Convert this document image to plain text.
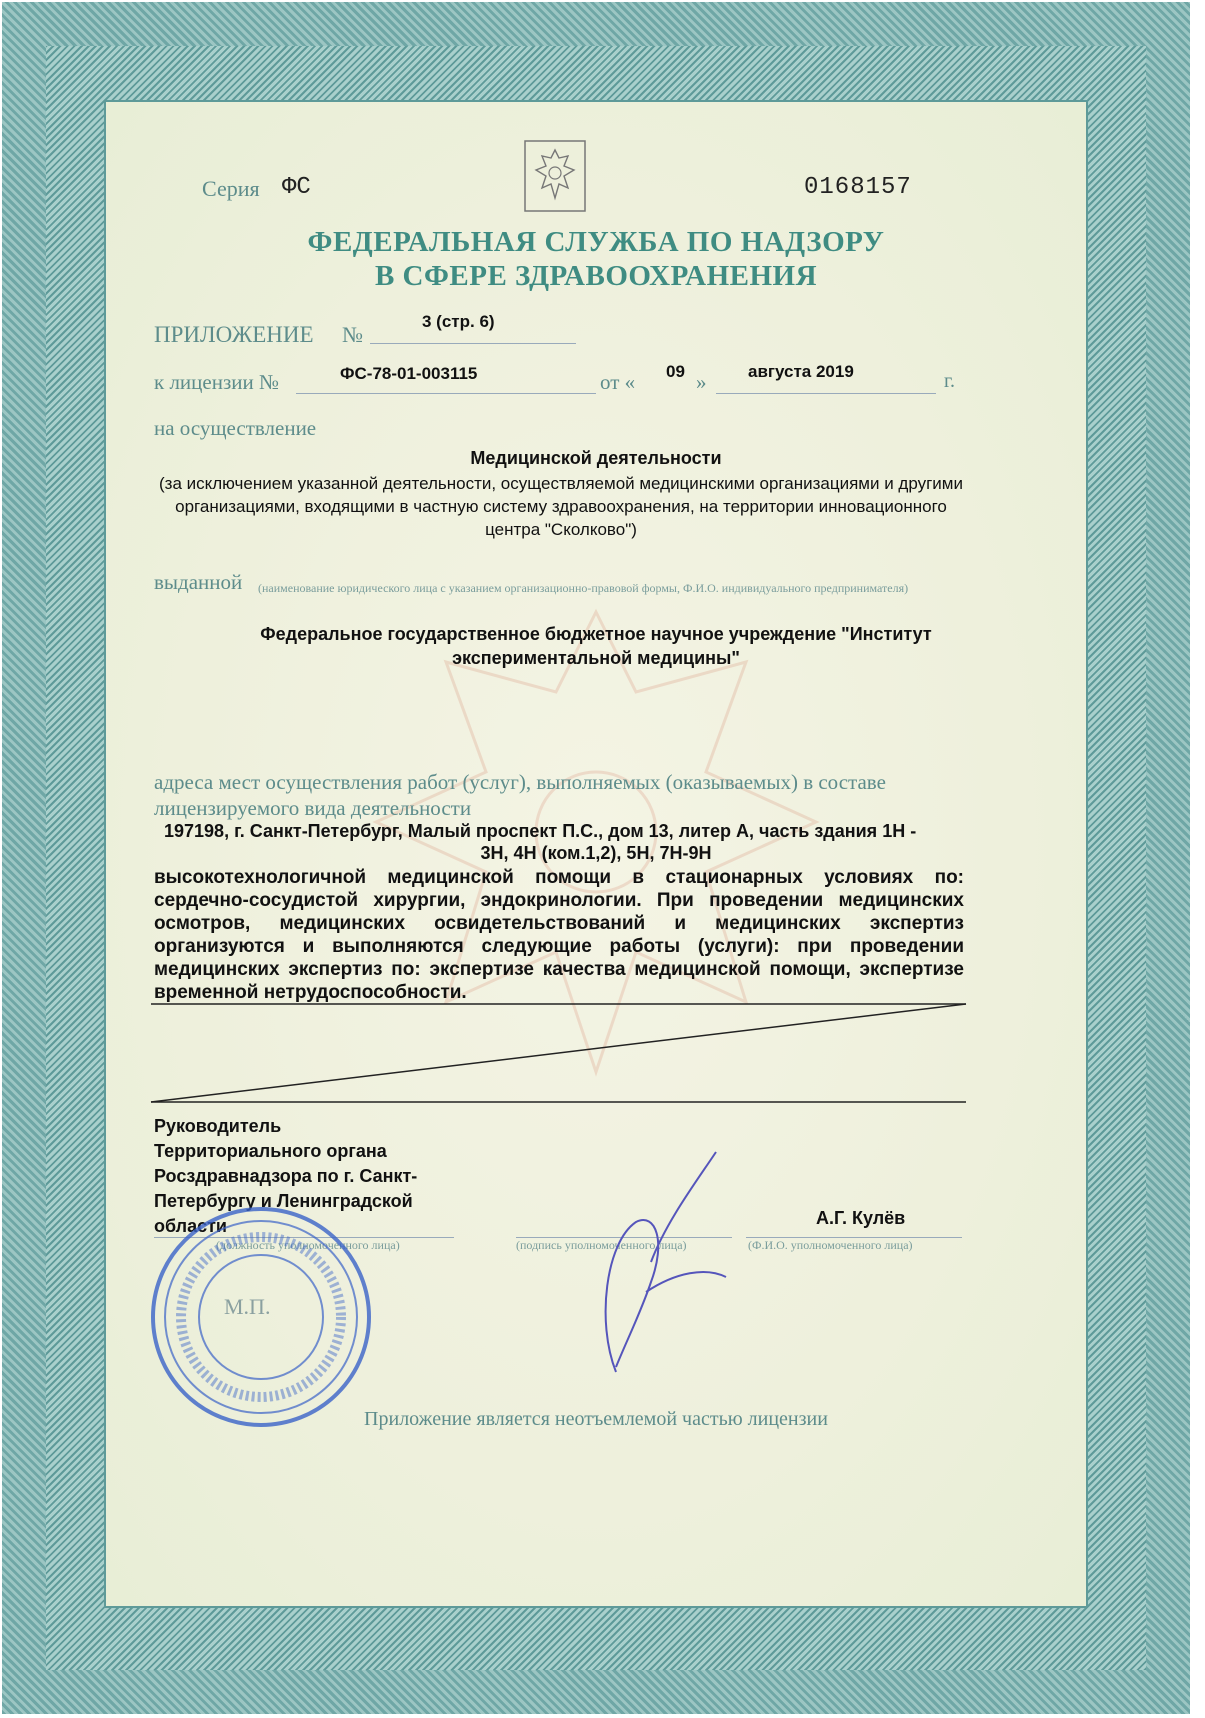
Серия ФС	0168157
ФЕДЕРАЛЬНАЯ СЛУЖБА ПО НАДЗОРУ
В СФЕРЕ ЗДРАВООХРАНЕНИЯ
ПРИЛОЖЕНИЕ №
3 (стр. 6)
к лицензии №	ФС-78-01-003115	от « 09 » августа 2019	г.
на осуществление
Медицинской деятельности
(за исключением указанной деятельности, осуществляемой медицинскими организациями и другими организациями, входящими в частную систему здравоохранения, на территории инновационного центра "Сколково")
выданной	(наименование юридического лица с указанием организационно-правовой формы, Ф.И.О. индивидуального предпринимателя)
Федеральное государственное бюджетное научное учреждение "Институт
экспериментальной медицины"
адреса мест осуществления работ (услуг), выполняемых (оказываемых) в составе
лицензируемого вида деятельности
197198, г. Санкт-Петербург, Малый проспект П.С., дом 13, литер А, часть здания 1Н -
3Н, 4Н (ком.1,2), 5Н, 7Н-9Н
высокотехнологичной медицинской помощи в стационарных условиях по:
сердечно-сосудистой хирургии, эндокринологии. При проведении медицинских
осмотров, медицинских освидетельствований и медицинских экспертиз
организуются и выполняются следующие работы (услуги): при проведении
медицинских экспертиз по: экспертизе качества медицинской помощи, экспертизе
временной нетрудоспособности.
Руководитель
Территориального органа
Росздравнадзора по г. Санкт-
Петербургу и Ленинградской
области	А.Г. Кулёв
(должность уполномоченного лица)	(подпись уполномоченного лица)	(Ф.И.О. уполномоченного лица)
М.П.
Приложение является неотъемлемой частью лицензии
